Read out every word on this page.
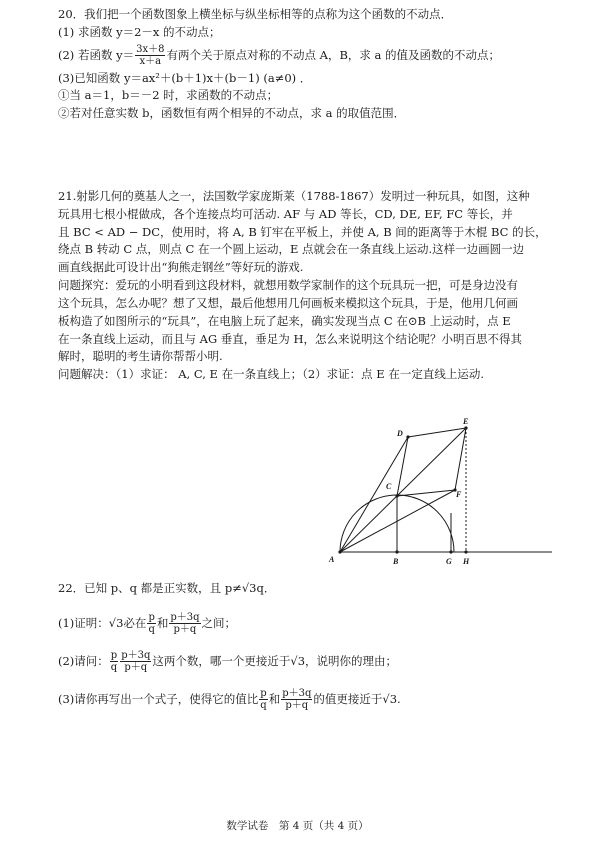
20．我们把一个函数图象上横坐标与纵坐标相等的点称为这个函数的不动点．
(1) 求函数 y＝2－x 的不动点；
(2) 若函数 $y= \frac{3x+8}{x+a}$ 有两个关于原点对称的不动点 A，B，求 a 的值及函数的不动点；
(3)已知函数 y＝ax²＋(b＋1)x＋(b－1) (a≠0) ．
①当 a＝1，b＝－2 时，求函数的不动点；
②若对任意实数 b，函数恒有两个相异的不动点，求 a 的取值范围．
21.射影几何的奠基人之一，法国数学家庞斯莱（1788-1867）发明过一种玩具，如图，这种
玩具用七根小棍做成，各个连接点均可活动. AF 与 AD 等长，CD, DE, EF, FC 等长，并
且 BC < AD − DC，使用时，将 A, B 钉牢在平板上，并使 A, B 间的距离等于木棍 BC 的长，
绕点 B 转动 C 点，则点 C 在一个圆上运动，E 点就会在一条直线上运动.这样一边画圆一边
画直线据此可设计出“狗熊走钢丝”等好玩的游戏.
问题探究：爱玩的小明看到这段材料，就想用数学家制作的这个玩具玩一把，可是身边没有
这个玩具，怎么办呢？想了又想，最后他想用几何画板来模拟这个玩具，于是，他用几何画
板构造了如图所示的“玩具”，在电脑上玩了起来，确实发现当点 C 在⊙B 上运动时，点 E
在一条直线上运动，而且与 AG 垂直，垂足为 H，怎么来说明这个结论呢？小明百思不得其
解时，聪明的考生请你帮帮小明.
问题解决：（1）求证： A, C, E 在一条直线上；（2）求证：点 E 在一定直线上运动.
A	B
C
D
E
F
G H
22．已知 p、q 都是正实数，且 p≠√3q．
(1)证明：√3必在 $\frac{p}{q}$ 和 $\frac{p+3q}{p+q}$ 之间；
(2)请问： $\frac{p}{q} \frac{p+3q}{p+q}$ 这两个数，哪一个更接近于√3，说明你的理由；
(3)请你再写出一个式子，使得它的值比 $\frac{p}{q}$ 和 $\frac{p+3q}{p+q}$ 的值更接近于√3.
数学试卷　第 4 页（共 4 页）
